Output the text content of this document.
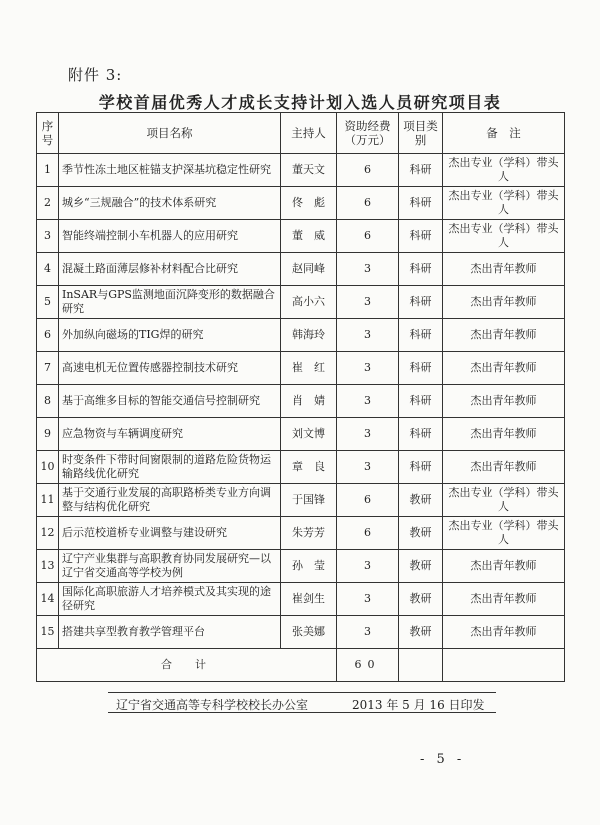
附件 3:
学校首届优秀人才成长支持计划入选人员研究项目表
序号	项目名称	主持人	资助经费（万元）	项目类别	备　注
1	季节性冻土地区桩锚支护深基坑稳定性研究	董天文	6	科研	杰出专业（学科）带头人
2	城乡“三规融合”的技术体系研究	佟　彪	6	科研	杰出专业（学科）带头人
3	智能终端控制小车机器人的应用研究	董　威	6	科研	杰出专业（学科）带头人
4	混凝土路面薄层修补材料配合比研究	赵同峰	3	科研	杰出青年教师
5	InSAR与GPS监测地面沉降变形的数据融合研究	高小六	3	科研	杰出青年教师
6	外加纵向磁场的TIG焊的研究	韩海玲	3	科研	杰出青年教师
7	高速电机无位置传感器控制技术研究	崔　红	3	科研	杰出青年教师
8	基于高维多目标的智能交通信号控制研究	肖　婧	3	科研	杰出青年教师
9	应急物资与车辆调度研究	刘文博	3	科研	杰出青年教师
10	时变条件下带时间窗限制的道路危险货物运输路线优化研究	章　良	3	科研	杰出青年教师
11	基于交通行业发展的高职路桥类专业方向调整与结构优化研究	于国锋	6	教研	杰出专业（学科）带头人
12	后示范校道桥专业调整与建设研究	朱芳芳	6	教研	杰出专业（学科）带头人
13	辽宁产业集群与高职教育协同发展研究—以辽宁省交通高等学校为例	孙　莹	3	教研	杰出青年教师
14	国际化高职旅游人才培养模式及其实现的途径研究	崔剑生	3	教研	杰出青年教师
15	搭建共享型教育教学管理平台	张美娜	3	教研	杰出青年教师
合　计			60		
辽宁省交通高等专科学校校长办公室	2013 年 5 月 16 日印发
- 5 -
